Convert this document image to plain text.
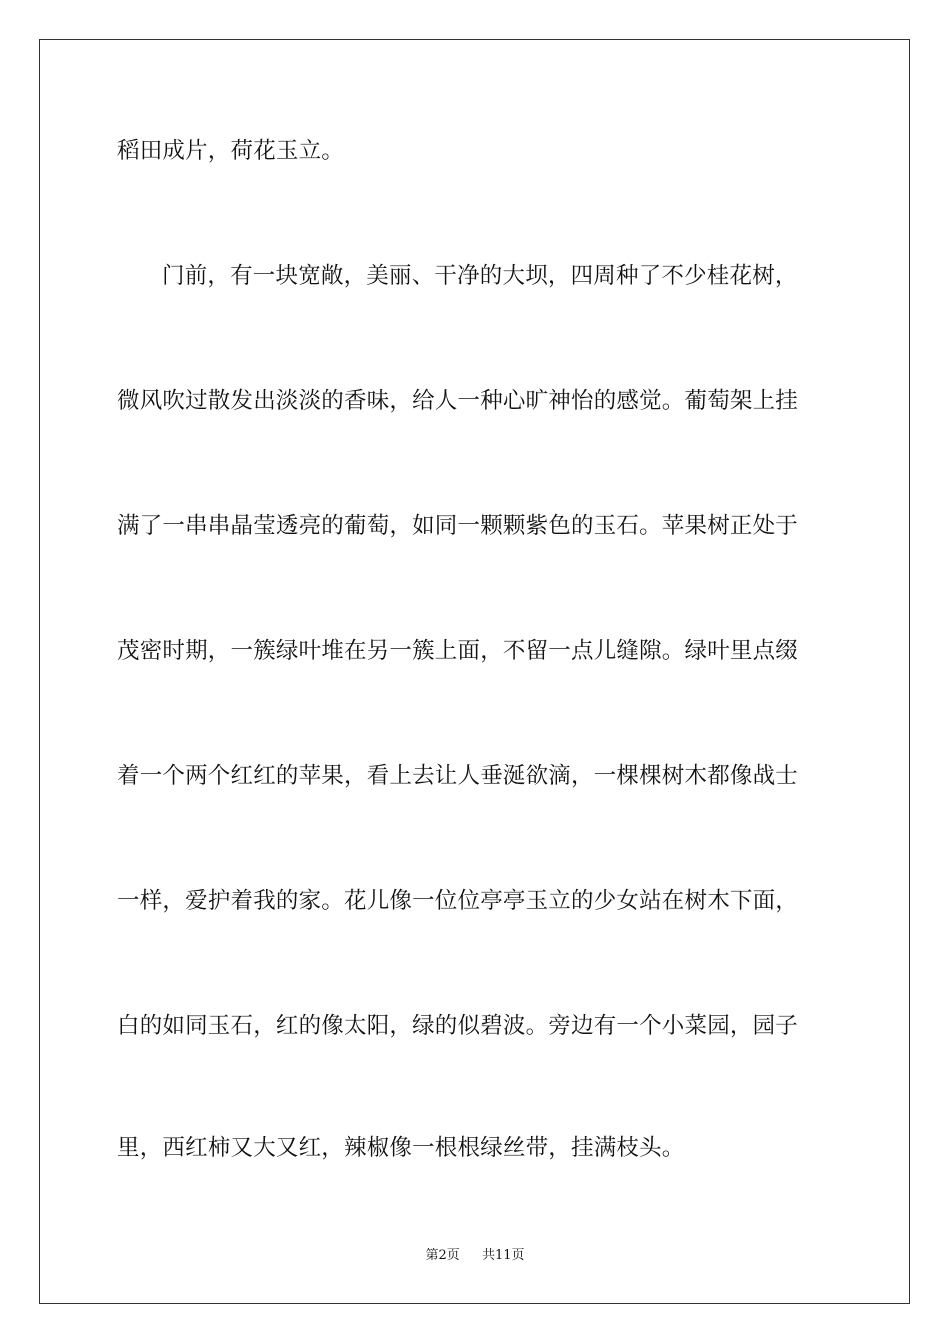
稻田成片，荷花玉立。
门前，有一块宽敞，美丽、干净的大坝，四周种了不少桂花树，
微风吹过散发出淡淡的香味，给人一种心旷神怡的感觉。葡萄架上挂
满了一串串晶莹透亮的葡萄，如同一颗颗紫色的玉石。苹果树正处于
茂密时期，一簇绿叶堆在另一簇上面，不留一点儿缝隙。绿叶里点缀
着一个两个红红的苹果，看上去让人垂涎欲滴，一棵棵树木都像战士
一样，爱护着我的家。花儿像一位位亭亭玉立的少女站在树木下面，
白的如同玉石，红的像太阳，绿的似碧波。旁边有一个小菜园，园子
里，西红柿又大又红，辣椒像一根根绿丝带，挂满枝头。
第2页 共11页
